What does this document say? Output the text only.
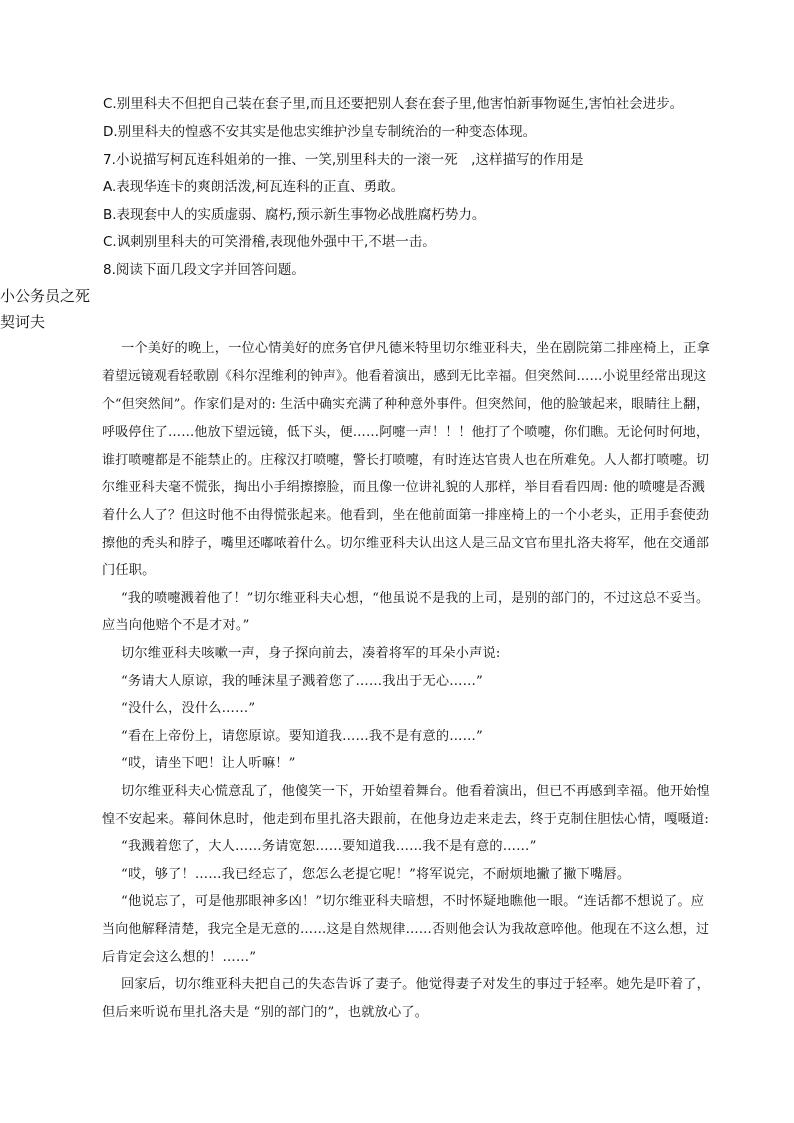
C.别里科夫不但把自己装在套子里,而且还要把别人套在套子里,他害怕新事物诞生,害怕社会进步。

D.别里科夫的惶惑不安其实是他忠实维护沙皇专制统治的一种变态体现。

7.小说描写柯瓦连科姐弟的一推、一笑,别里科夫的一滚一死　,这样描写的作用是

A.表现华连卡的爽朗活泼,柯瓦连科的正直、勇敢。

B.表现套中人的实质虚弱、腐朽,预示新生事物必战胜腐朽势力。

C.讽刺别里科夫的可笑滑稽,表现他外强中干,不堪一击。

8.阅读下面几段文字并回答问题。

小公务员之死

契诃夫

一个美好的晚上，一位心情美好的庶务官伊凡德米特里切尔维亚科夫，坐在剧院第二排座椅上，正拿

着望远镜观看轻歌剧《科尔涅维利的钟声》。他看着演出，感到无比幸福。但突然间……小说里经常出现这

个“但突然间”。作家们是对的: 生活中确实充满了种种意外事件。但突然间，他的脸皱起来，眼睛往上翻，

呼吸停住了……他放下望远镜，低下头，便……阿嚏一声！！！他打了个喷嚏，你们瞧。无论何时何地，

谁打喷嚏都是不能禁止的。庄稼汉打喷嚏，警长打喷嚏，有时连达官贵人也在所难免。人人都打喷嚏。切

尔维亚科夫毫不慌张，掏出小手绢擦擦脸，而且像一位讲礼貌的人那样，举目看看四周: 他的喷嚏是否溅

着什么人了？但这时他不由得慌张起来。他看到，坐在他前面第一排座椅上的一个小老头，正用手套使劲

擦他的秃头和脖子，嘴里还嘟哝着什么。切尔维亚科夫认出这人是三品文官布里扎洛夫将军，他在交通部

门任职。

“我的喷嚏溅着他了！”切尔维亚科夫心想，“他虽说不是我的上司，是别的部门的，不过这总不妥当。

应当向他赔个不是才对。”

切尔维亚科夫咳嗽一声，身子探向前去，凑着将军的耳朵小声说:

“务请大人原谅，我的唾沫星子溅着您了……我出于无心……”

“没什么，没什么……”

“看在上帝份上，请您原谅。要知道我……我不是有意的……”

“哎，请坐下吧！让人听嘛！”

切尔维亚科夫心慌意乱了，他傻笑一下，开始望着舞台。他看着演出，但已不再感到幸福。他开始惶

惶不安起来。幕间休息时，他走到布里扎洛夫跟前，在他身边走来走去，终于克制住胆怯心情，嘎嗫道:

“我溅着您了，大人……务请宽恕……要知道我……我不是有意的……”

“哎，够了！……我已经忘了，您怎么老提它呢！”将军说完，不耐烦地撇了撇下嘴唇。

“他说忘了，可是他那眼神多凶！”切尔维亚科夫暗想，不时怀疑地瞧他一眼。“连话都不想说了。应

当向他解释清楚，我完全是无意的……这是自然规律……否则他会认为我故意啐他。他现在不这么想，过

后肯定会这么想的！……”

回家后，切尔维亚科夫把自己的失态告诉了妻子。他觉得妻子对发生的事过于轻率。她先是吓着了，

但后来听说布里扎洛夫是 “别的部门的”，也就放心了。
